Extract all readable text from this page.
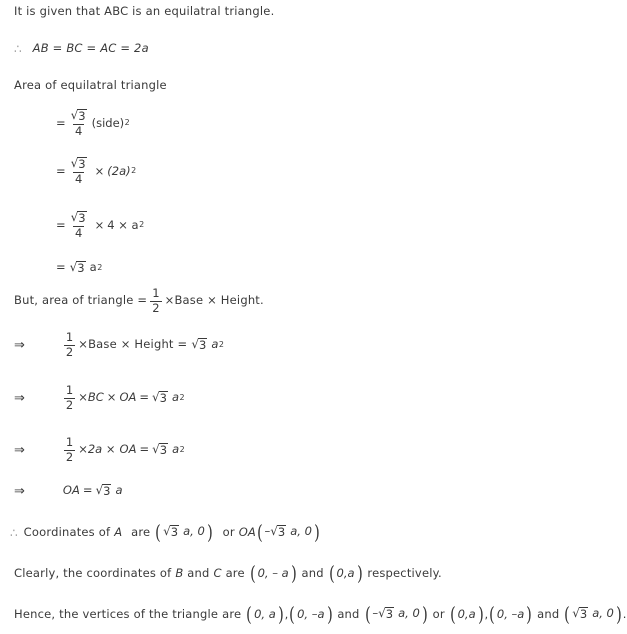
It is given that ABC is an equilatral triangle.
∴ AB = BC = AC = 2a
Area of equilatral triangle
= $\frac{√ 3}{4}$ (side) 2
= $\frac{√ 3}{4} \times (2a)$ 2
= $\frac{√ 3}{4} \times 4 \times a$ 2
= √ 3 a 2
But, area of triangle = $\frac{1}{2}$ ×Base × Height.
⇒	$\frac{1}{2}$ ×Base × Height = √ 3 a 2
⇒	$\frac{1}{2}$ × BC × OA = √ 3 a 2
⇒	$\frac{1}{2} \times 2a$ × OA = √ 3 a 2
⇒	OA = √ 3 a
∴ Coordinates of A are ( √ 3 a, 0 ) or OA ( – √ 3 a, 0 )
Clearly, the coordinates of B and C are ( 0, – a ) and ( 0,a ) respectively.
Hence, the vertices of the triangle are ( 0, a ) , ( 0, –a ) and ( – √ 3 a, 0 ) or ( 0,a ) , ( 0, –a ) and ( √ 3 a, 0 ) .
